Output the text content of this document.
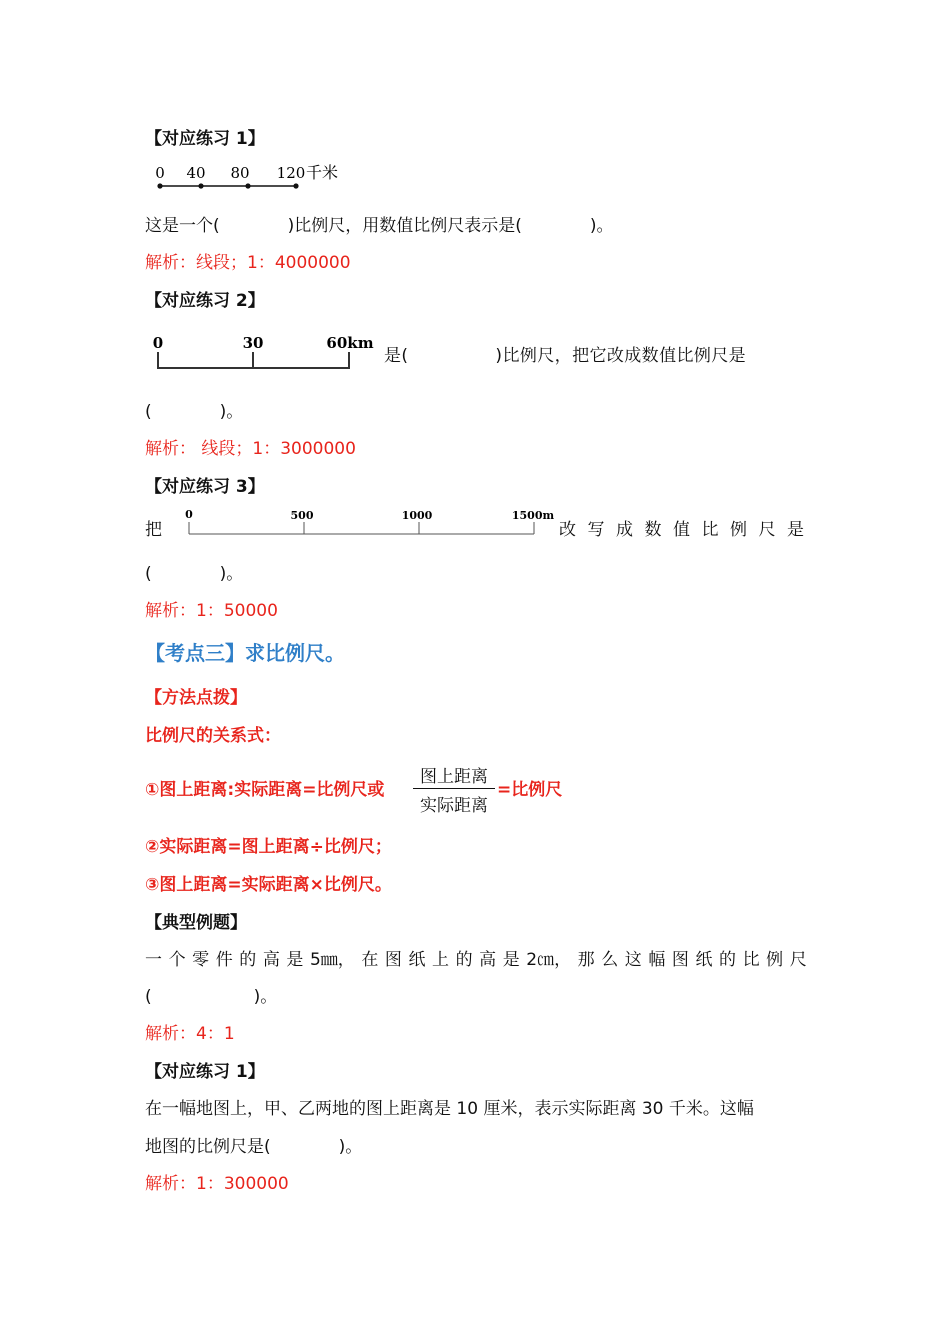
【对应练习 1】
0 40 80 120 千米
这是一个(　　　　)比例尺，用数值比例尺表示是(　　　　)。
解析：线段；1：4000000
【对应练习 2】
0	30	60km
是(　　　　　)比例尺，把它改成数值比例尺是
(　　　　)。
解析： 线段；1：3000000
【对应练习 3】
把
0	500	1000	1500m
改写成数值比例尺是
(　　　　)。
解析：1：50000
【考点三】求比例尺。
【方法点拨】
比例尺的关系式：
①图上距离:实际距离=比例尺或
图上距离
实际距离
=比例尺
②实际距离=图上距离÷比例尺；
③图上距离=实际距离×比例尺。
【典型例题】
一 个 零 件 的 高 是 5㎜， 在 图 纸 上 的 高 是 2㎝， 那 么 这 幅 图 纸 的 比 例 尺
(　　　　　　)。
解析：4：1
【对应练习 1】
在一幅地图上，甲、乙两地的图上距离是 10 厘米，表示实际距离 30 千米。这幅
地图的比例尺是(　　　　)。
解析：1：300000
